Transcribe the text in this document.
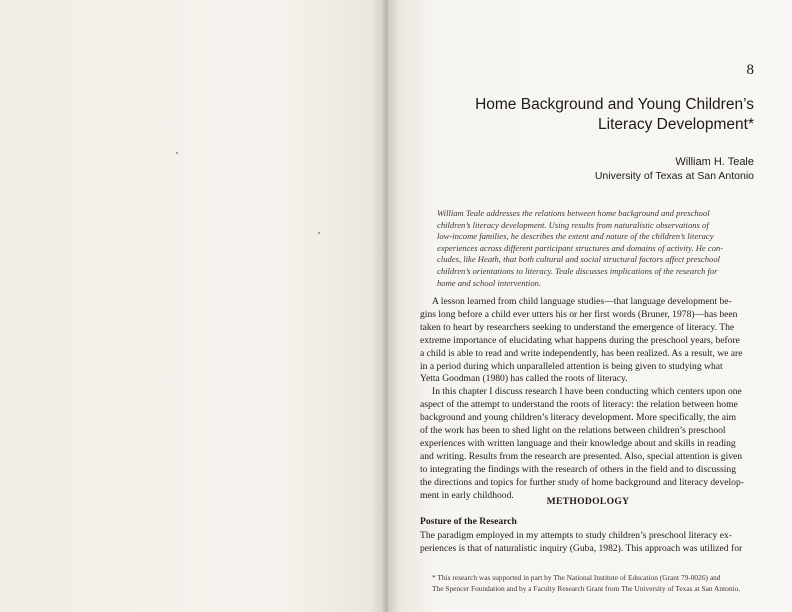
8
Home Background and Young Children’s
Literacy Development*
William H. Teale
University of Texas at San Antonio
William Teale addresses the relations between home background and preschool
children’s literacy development. Using results from naturalistic observations of
low-income families, he describes the extent and nature of the children’s literacy
experiences across different participant structures and domains of activity. He con-
cludes, like Heath, that both cultural and social structural factors affect preschool
children’s orientations to literacy. Teale discusses implications of the research for
home and school intervention.
A lesson learned from child language studies—that language development be-
gins long before a child ever utters his or her first words (Bruner, 1978)—has been
taken to heart by researchers seeking to understand the emergence of literacy. The
extreme importance of elucidating what happens during the preschool years, before
a child is able to read and write independently, has been realized. As a result, we are
in a period during which unparalleled attention is being given to studying what
Yetta Goodman (1980) has called the roots of literacy.
In this chapter I discuss research I have been conducting which centers upon one
aspect of the attempt to understand the roots of literacy: the relation between home
background and young children’s literacy development. More specifically, the aim
of the work has been to shed light on the relations between children’s preschool
experiences with written language and their knowledge about and skills in reading
and writing. Results from the research are presented. Also, special attention is given
to integrating the findings with the research of others in the field and to discussing
the directions and topics for further study of home background and literacy develop-
ment in early childhood.
METHODOLOGY
Posture of the Research
The paradigm employed in my attempts to study children’s preschool literacy ex-
periences is that of naturalistic inquiry (Guba, 1982). This approach was utilized for
* This research was supported in part by The National Institute of Education (Grant 79-0026) and
The Spencer Foundation and by a Faculty Research Grant from The University of Texas at San Antonio.
